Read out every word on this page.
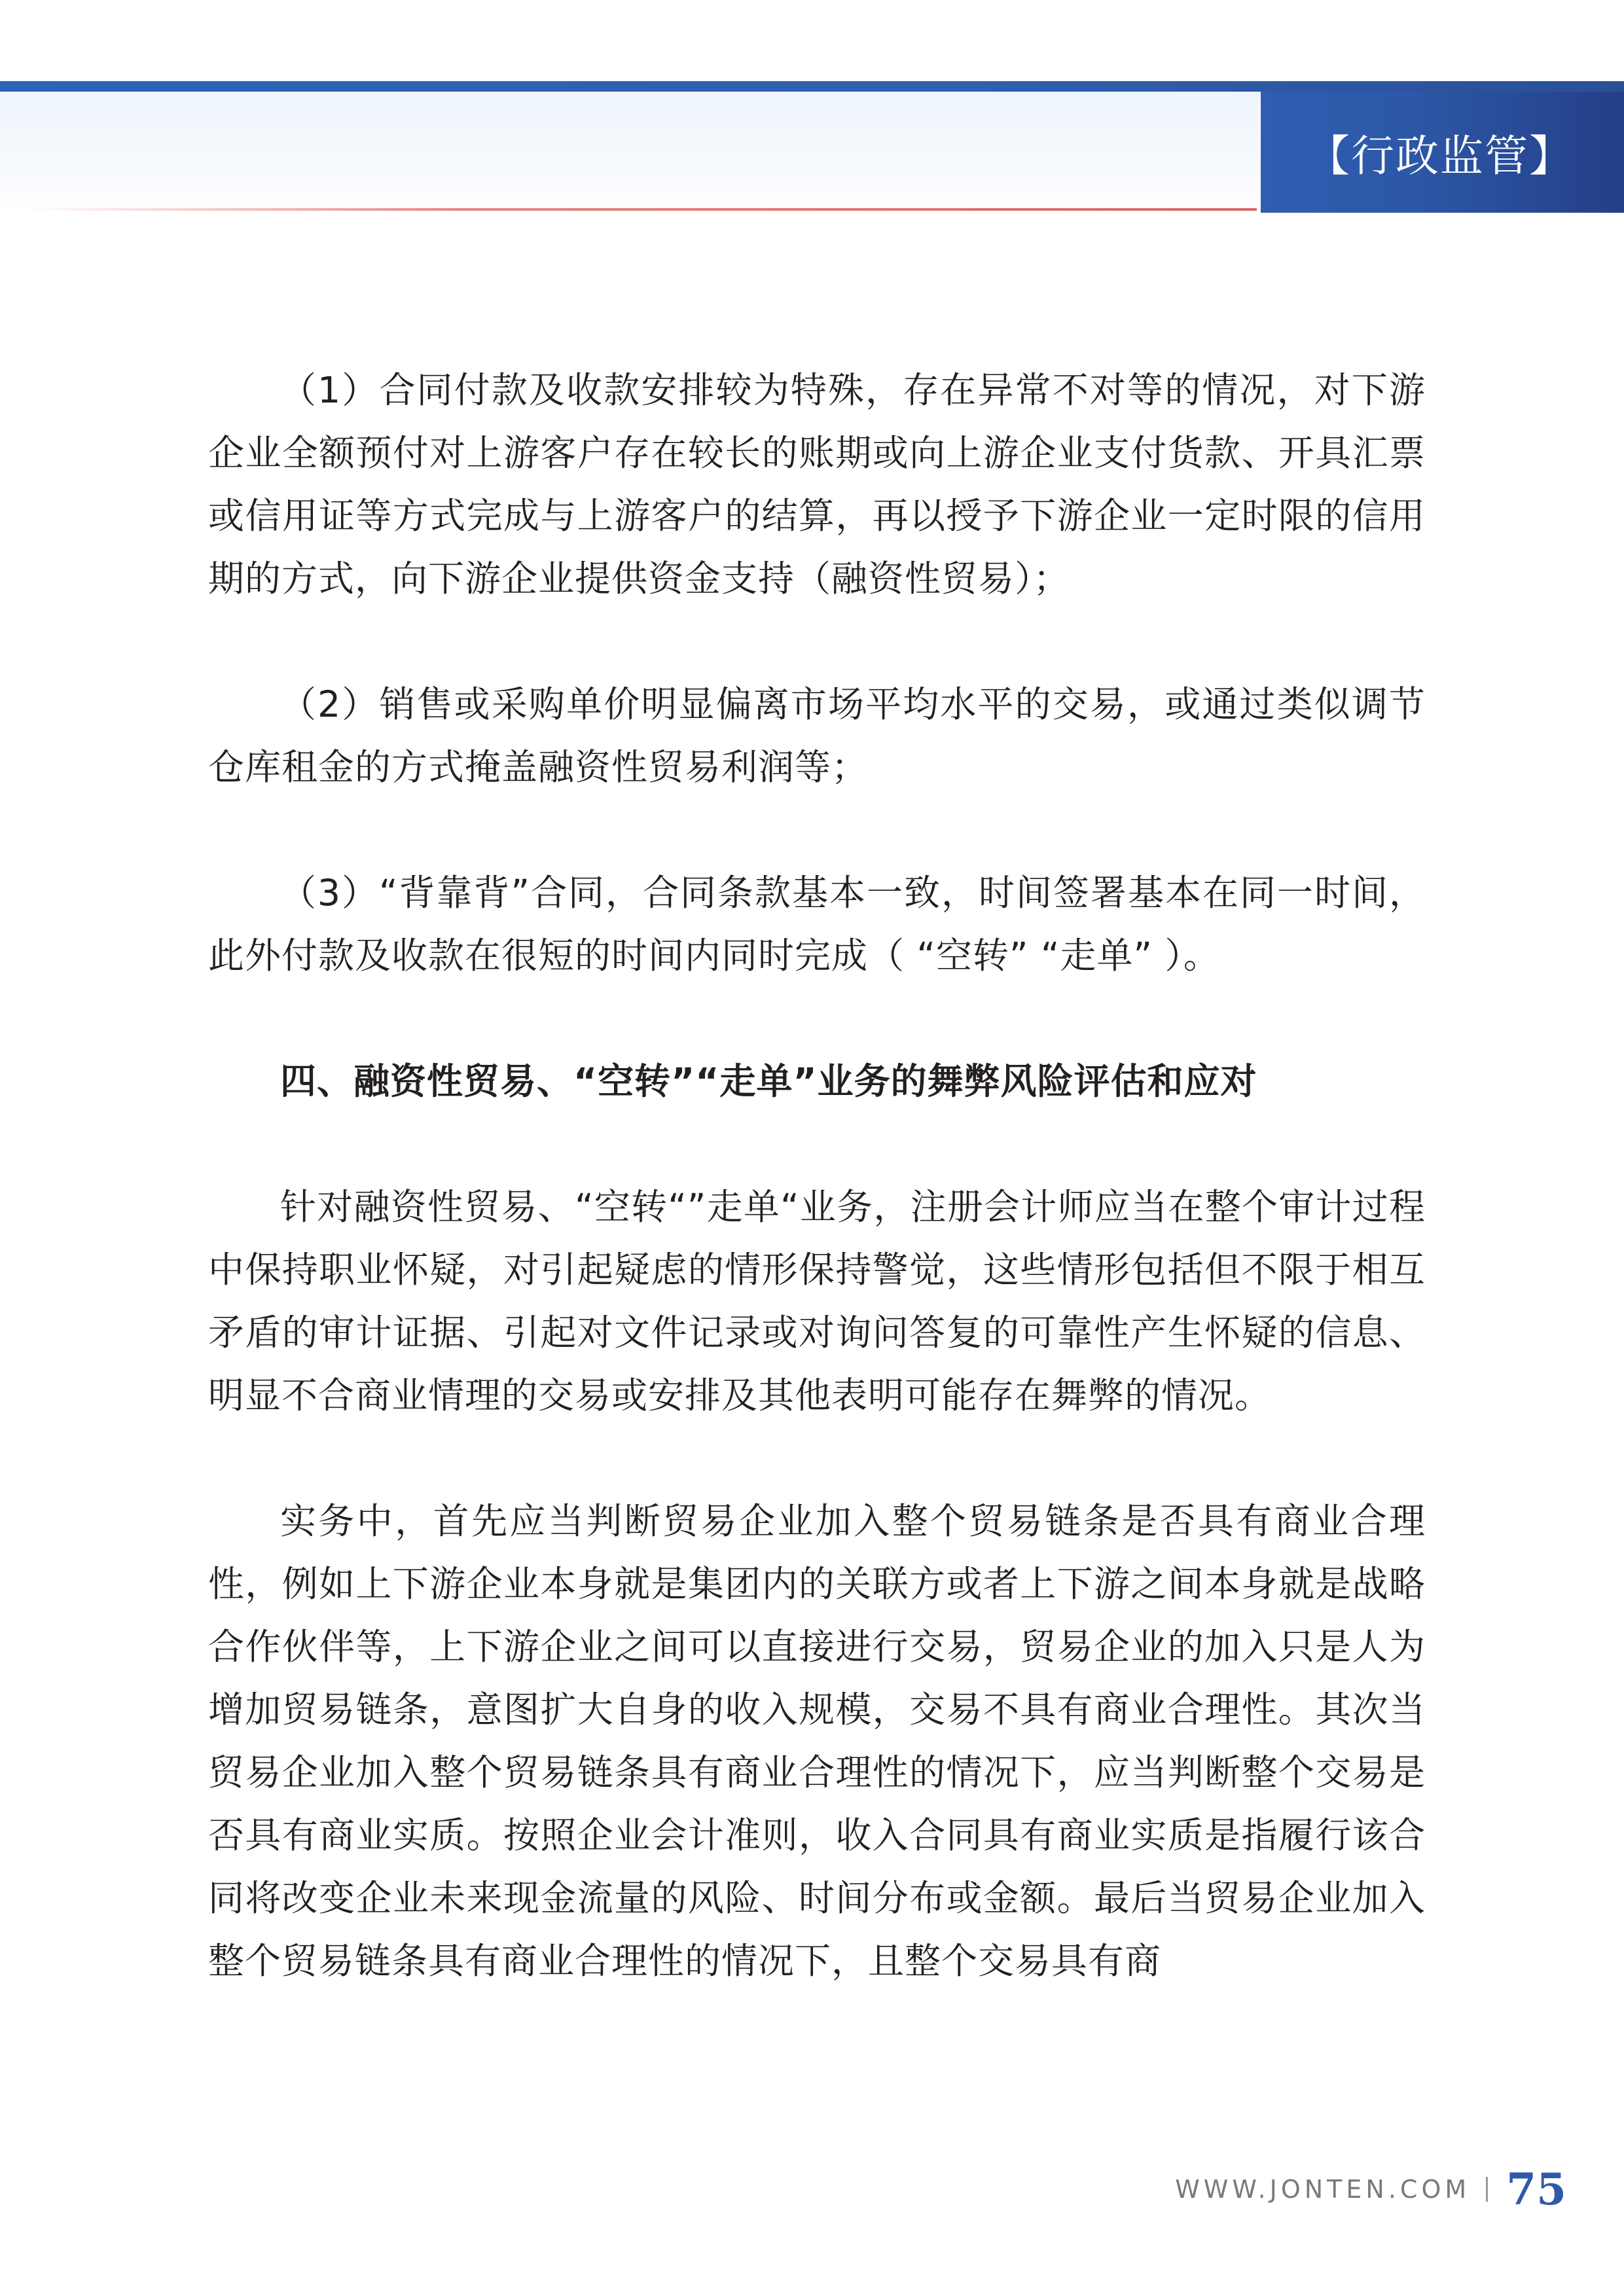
【行政监管】

（1）合同付款及收款安排较为特殊，存在异常不对等的情况，对下游企业全额预付对上游客户存在较长的账期或向上游企业支付货款、开具汇票或信用证等方式完成与上游客户的结算，再以授予下游企业一定时限的信用期的方式，向下游企业提供资金支持（融资性贸易）；

（2）销售或采购单价明显偏离市场平均水平的交易，或通过类似调节仓库租金的方式掩盖融资性贸易利润等；

（3）“背靠背”合同，合同条款基本一致，时间签署基本在同一时间，此外付款及收款在很短的时间内同时完成（ “空转” “走单” ）。

四、融资性贸易、“空转”“走单”业务的舞弊风险评估和应对

针对融资性贸易、“空转“”走单“业务，注册会计师应当在整个审计过程中保持职业怀疑，对引起疑虑的情形保持警觉，这些情形包括但不限于相互矛盾的审计证据、引起对文件记录或对询问答复的可靠性产生怀疑的信息、明显不合商业情理的交易或安排及其他表明可能存在舞弊的情况。

实务中，首先应当判断贸易企业加入整个贸易链条是否具有商业合理性，例如上下游企业本身就是集团内的关联方或者上下游之间本身就是战略合作伙伴等，上下游企业之间可以直接进行交易，贸易企业的加入只是人为增加贸易链条，意图扩大自身的收入规模，交易不具有商业合理性。其次当贸易企业加入整个贸易链条具有商业合理性的情况下，应当判断整个交易是否具有商业实质。按照企业会计准则，收入合同具有商业实质是指履行该合同将改变企业未来现金流量的风险、时间分布或金额。最后当贸易企业加入整个贸易链条具有商业合理性的情况下，且整个交易具有商

WWW.JONTEN.COM 75
